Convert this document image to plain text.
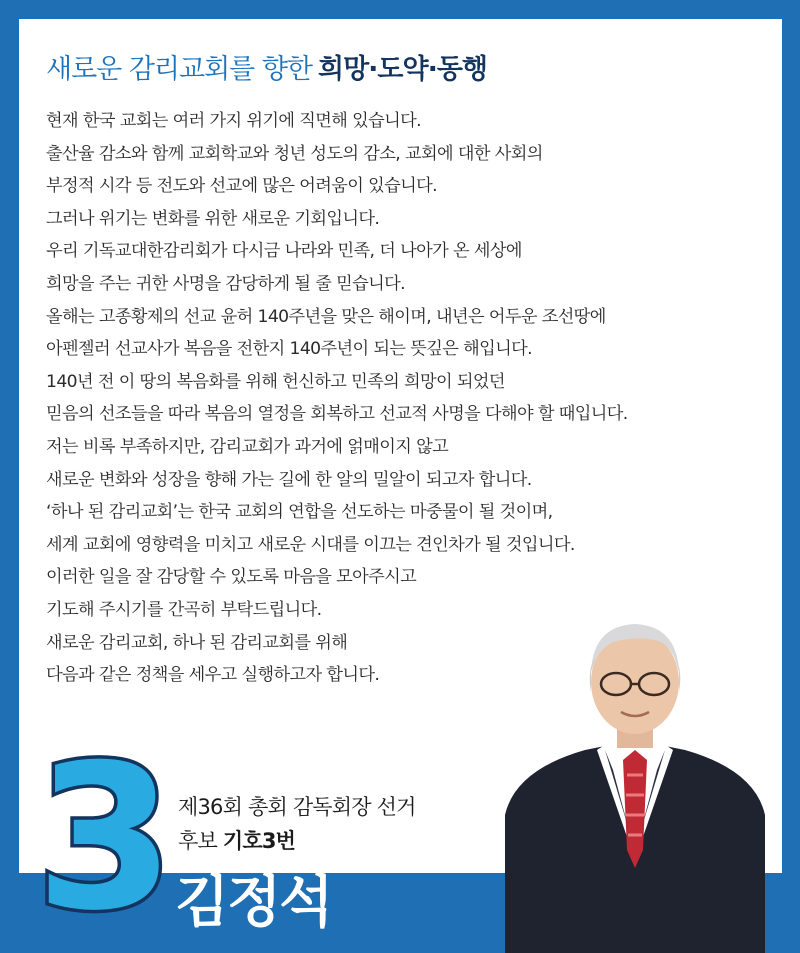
새로운 감리교회를 향한 희망·도약·동행
현재 한국 교회는 여러 가지 위기에 직면해 있습니다.
출산율 감소와 함께 교회학교와 청년 성도의 감소, 교회에 대한 사회의
부정적 시각 등 전도와 선교에 많은 어려움이 있습니다.
그러나 위기는 변화를 위한 새로운 기회입니다.
우리 기독교대한감리회가 다시금 나라와 민족, 더 나아가 온 세상에
희망을 주는 귀한 사명을 감당하게 될 줄 믿습니다.
올해는 고종황제의 선교 윤허 140주년을 맞은 해이며, 내년은 어두운 조선땅에
아펜젤러 선교사가 복음을 전한지 140주년이 되는 뜻깊은 해입니다.
140년 전 이 땅의 복음화를 위해 헌신하고 민족의 희망이 되었던
믿음의 선조들을 따라 복음의 열정을 회복하고 선교적 사명을 다해야 할 때입니다.
저는 비록 부족하지만, 감리교회가 과거에 얽매이지 않고
새로운 변화와 성장을 향해 가는 길에 한 알의 밀알이 되고자 합니다.
‘하나 된 감리교회’는 한국 교회의 연합을 선도하는 마중물이 될 것이며,
세계 교회에 영향력을 미치고 새로운 시대를 이끄는 견인차가 될 것입니다.
이러한 일을 잘 감당할 수 있도록 마음을 모아주시고
기도해 주시기를 간곡히 부탁드립니다.
새로운 감리교회, 하나 된 감리교회를 위해
다음과 같은 정책을 세우고 실행하고자 합니다.
3 제36회 총회 감독회장 선거
후보 기호3번
김정석
